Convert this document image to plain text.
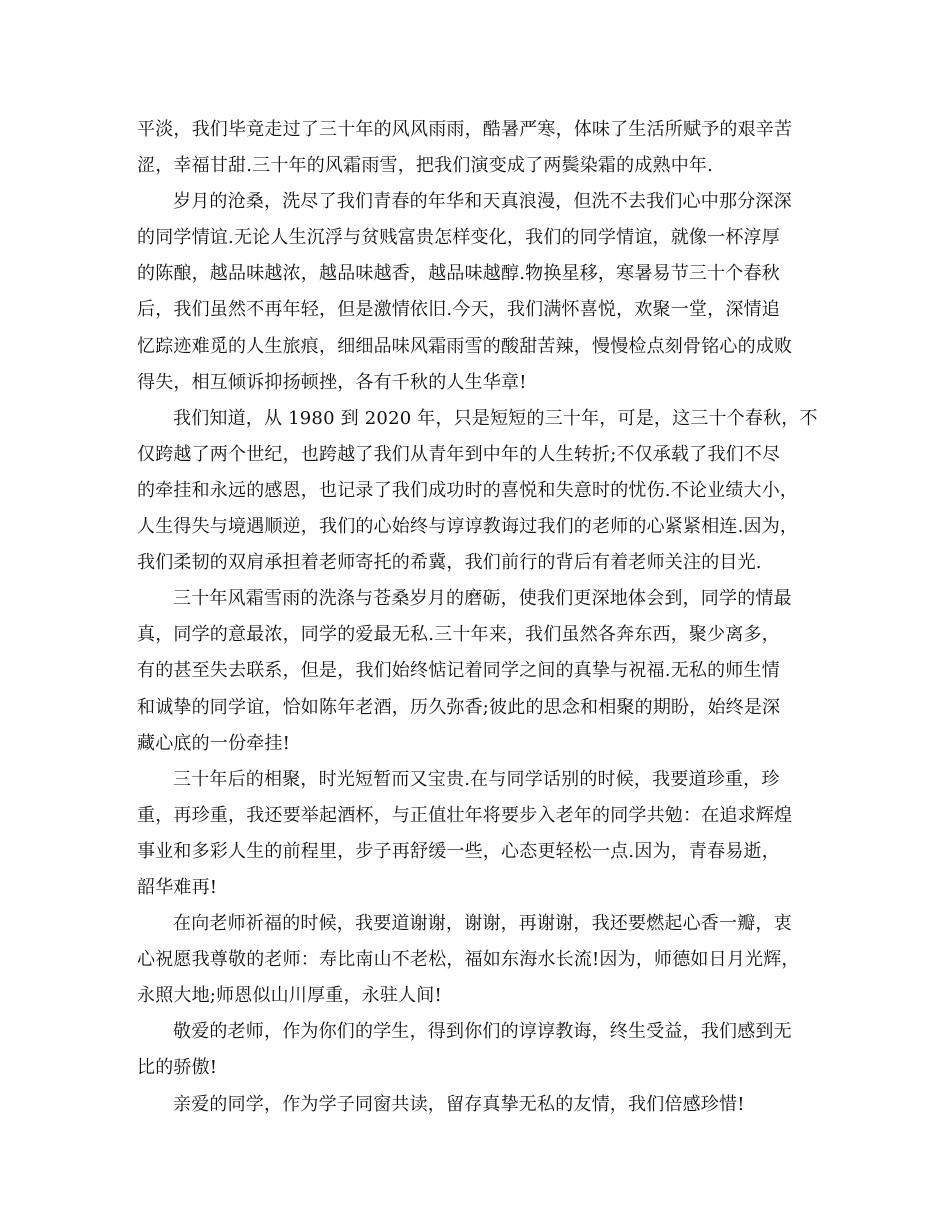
平淡，我们毕竟走过了三十年的风风雨雨，酷暑严寒，体味了生活所赋予的艰辛苦
涩，幸福甘甜.三十年的风霜雨雪，把我们演变成了两鬓染霜的成熟中年.
岁月的沧桑，洗尽了我们青春的年华和天真浪漫，但洗不去我们心中那分深深
的同学情谊.无论人生沉浮与贫贱富贵怎样变化，我们的同学情谊，就像一杯淳厚
的陈酿，越品味越浓，越品味越香，越品味越醇.物换星移，寒暑易节三十个春秋
后，我们虽然不再年轻，但是激情依旧.今天，我们满怀喜悦，欢聚一堂，深情追
忆踪迹难觅的人生旅痕，细细品味风霜雨雪的酸甜苦辣，慢慢检点刻骨铭心的成败
得失，相互倾诉抑扬顿挫，各有千秋的人生华章!
我们知道，从 1980 到 2020 年，只是短短的三十年，可是，这三十个春秋，不
仅跨越了两个世纪，也跨越了我们从青年到中年的人生转折;不仅承载了我们不尽
的牵挂和永远的感恩，也记录了我们成功时的喜悦和失意时的忧伤.不论业绩大小，
人生得失与境遇顺逆，我们的心始终与谆谆教诲过我们的老师的心紧紧相连.因为，
我们柔韧的双肩承担着老师寄托的希冀，我们前行的背后有着老师关注的目光.
三十年风霜雪雨的洗涤与苍桑岁月的磨砺，使我们更深地体会到，同学的情最
真，同学的意最浓，同学的爱最无私.三十年来，我们虽然各奔东西，聚少离多，
有的甚至失去联系，但是，我们始终惦记着同学之间的真挚与祝福.无私的师生情
和诚挚的同学谊，恰如陈年老酒，历久弥香;彼此的思念和相聚的期盼，始终是深
藏心底的一份牵挂!
三十年后的相聚，时光短暂而又宝贵.在与同学话别的时候，我要道珍重，珍
重，再珍重，我还要举起酒杯，与正值壮年将要步入老年的同学共勉：在追求辉煌
事业和多彩人生的前程里，步子再舒缓一些，心态更轻松一点.因为，青春易逝，
韶华难再!
在向老师祈福的时候，我要道谢谢，谢谢，再谢谢，我还要燃起心香一瓣，衷
心祝愿我尊敬的老师：寿比南山不老松，福如东海水长流!因为，师德如日月光辉，
永照大地;师恩似山川厚重，永驻人间!
敬爱的老师，作为你们的学生，得到你们的谆谆教诲，终生受益，我们感到无
比的骄傲!
亲爱的同学，作为学子同窗共读，留存真挚无私的友情，我们倍感珍惜!
